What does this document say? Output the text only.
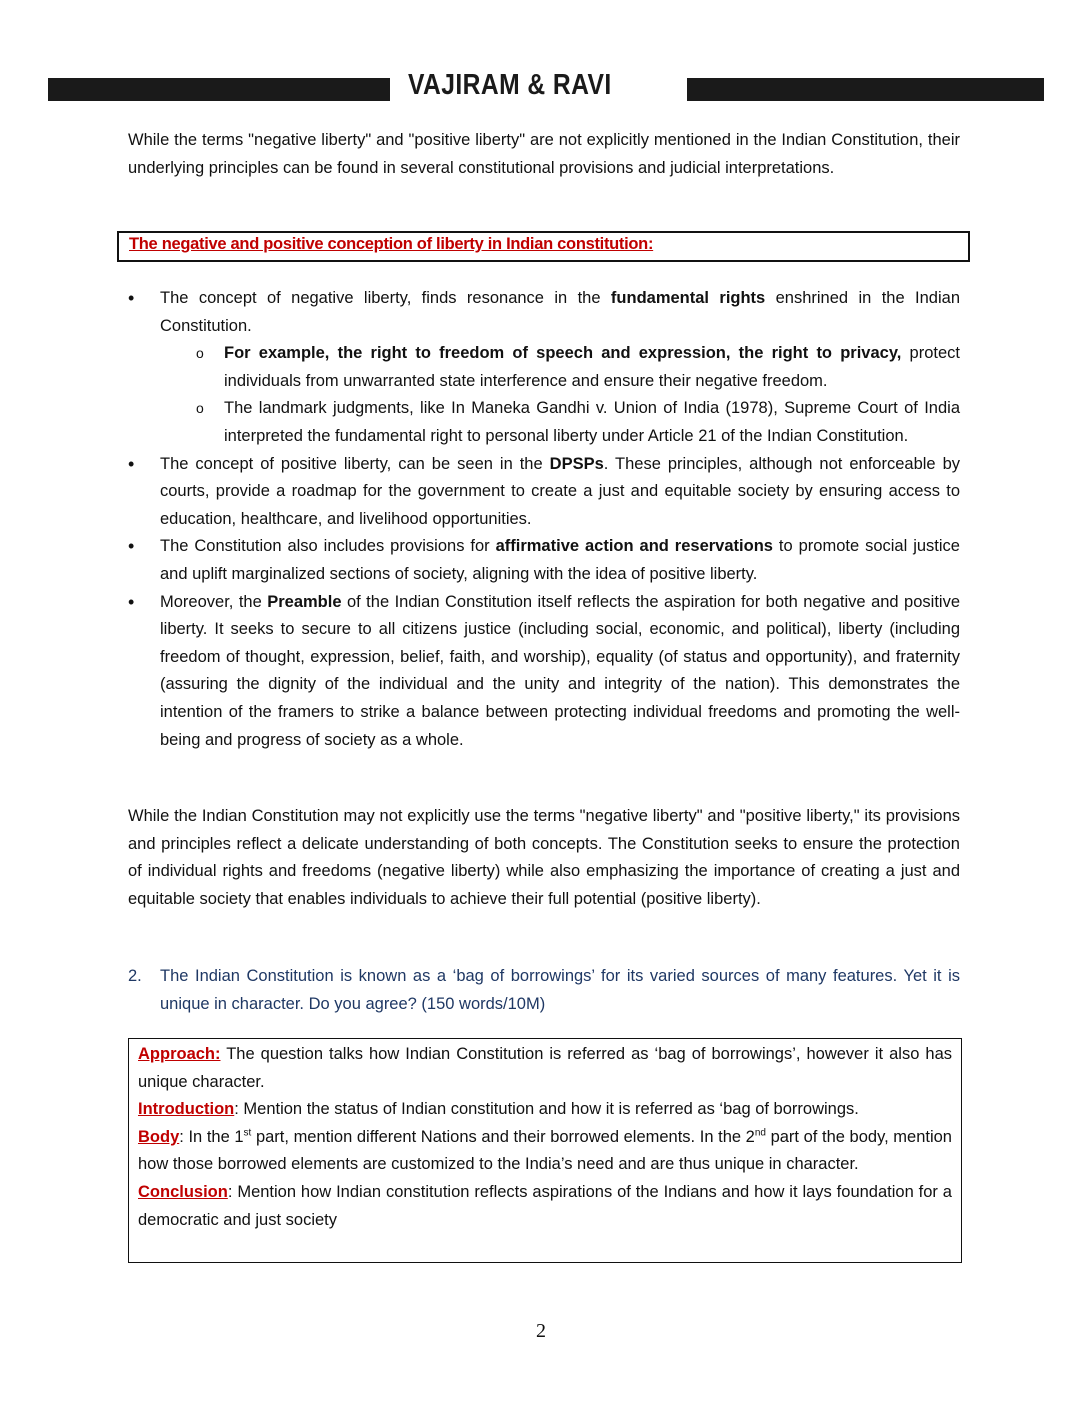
VAJIRAM & RAVI

While the terms "negative liberty" and "positive liberty" are not explicitly mentioned in the Indian Constitution, their underlying principles can be found in several constitutional provisions and judicial interpretations.

The negative and positive conception of liberty in Indian constitution:
• The concept of negative liberty, finds resonance in the fundamental rights enshrined in the Indian Constitution.
o For example, the right to freedom of speech and expression, the right to privacy, protect individuals from unwarranted state interference and ensure their negative freedom.
o The landmark judgments, like In Maneka Gandhi v. Union of India (1978), Supreme Court of India interpreted the fundamental right to personal liberty under Article 21 of the Indian Constitution.
• The concept of positive liberty, can be seen in the DPSPs. These principles, although not enforceable by courts, provide a roadmap for the government to create a just and equitable society by ensuring access to education, healthcare, and livelihood opportunities.
• The Constitution also includes provisions for affirmative action and reservations to promote social justice and uplift marginalized sections of society, aligning with the idea of positive liberty.
• Moreover, the Preamble of the Indian Constitution itself reflects the aspiration for both negative and positive liberty. It seeks to secure to all citizens justice (including social, economic, and political), liberty (including freedom of thought, expression, belief, faith, and worship), equality (of status and opportunity), and fraternity (assuring the dignity of the individual and the unity and integrity of the nation). This demonstrates the intention of the framers to strike a balance between protecting individual freedoms and promoting the well-being and progress of society as a whole.

While the Indian Constitution may not explicitly use the terms "negative liberty" and "positive liberty," its provisions and principles reflect a delicate understanding of both concepts. The Constitution seeks to ensure the protection of individual rights and freedoms (negative liberty) while also emphasizing the importance of creating a just and equitable society that enables individuals to achieve their full potential (positive liberty).

2. The Indian Constitution is known as a ‘bag of borrowings’ for its varied sources of many features. Yet it is unique in character. Do you agree? (150 words/10M)

Approach: The question talks how Indian Constitution is referred as ‘bag of borrowings’, however it also has unique character.

Introduction: Mention the status of Indian constitution and how it is referred as ‘bag of borrowings.

Body: In the 1st part, mention different Nations and their borrowed elements. In the 2nd part of the body, mention how those borrowed elements are customized to the India’s need and are thus unique in character.

Conclusion: Mention how Indian constitution reflects aspirations of the Indians and how it lays foundation for a democratic and just society

2
